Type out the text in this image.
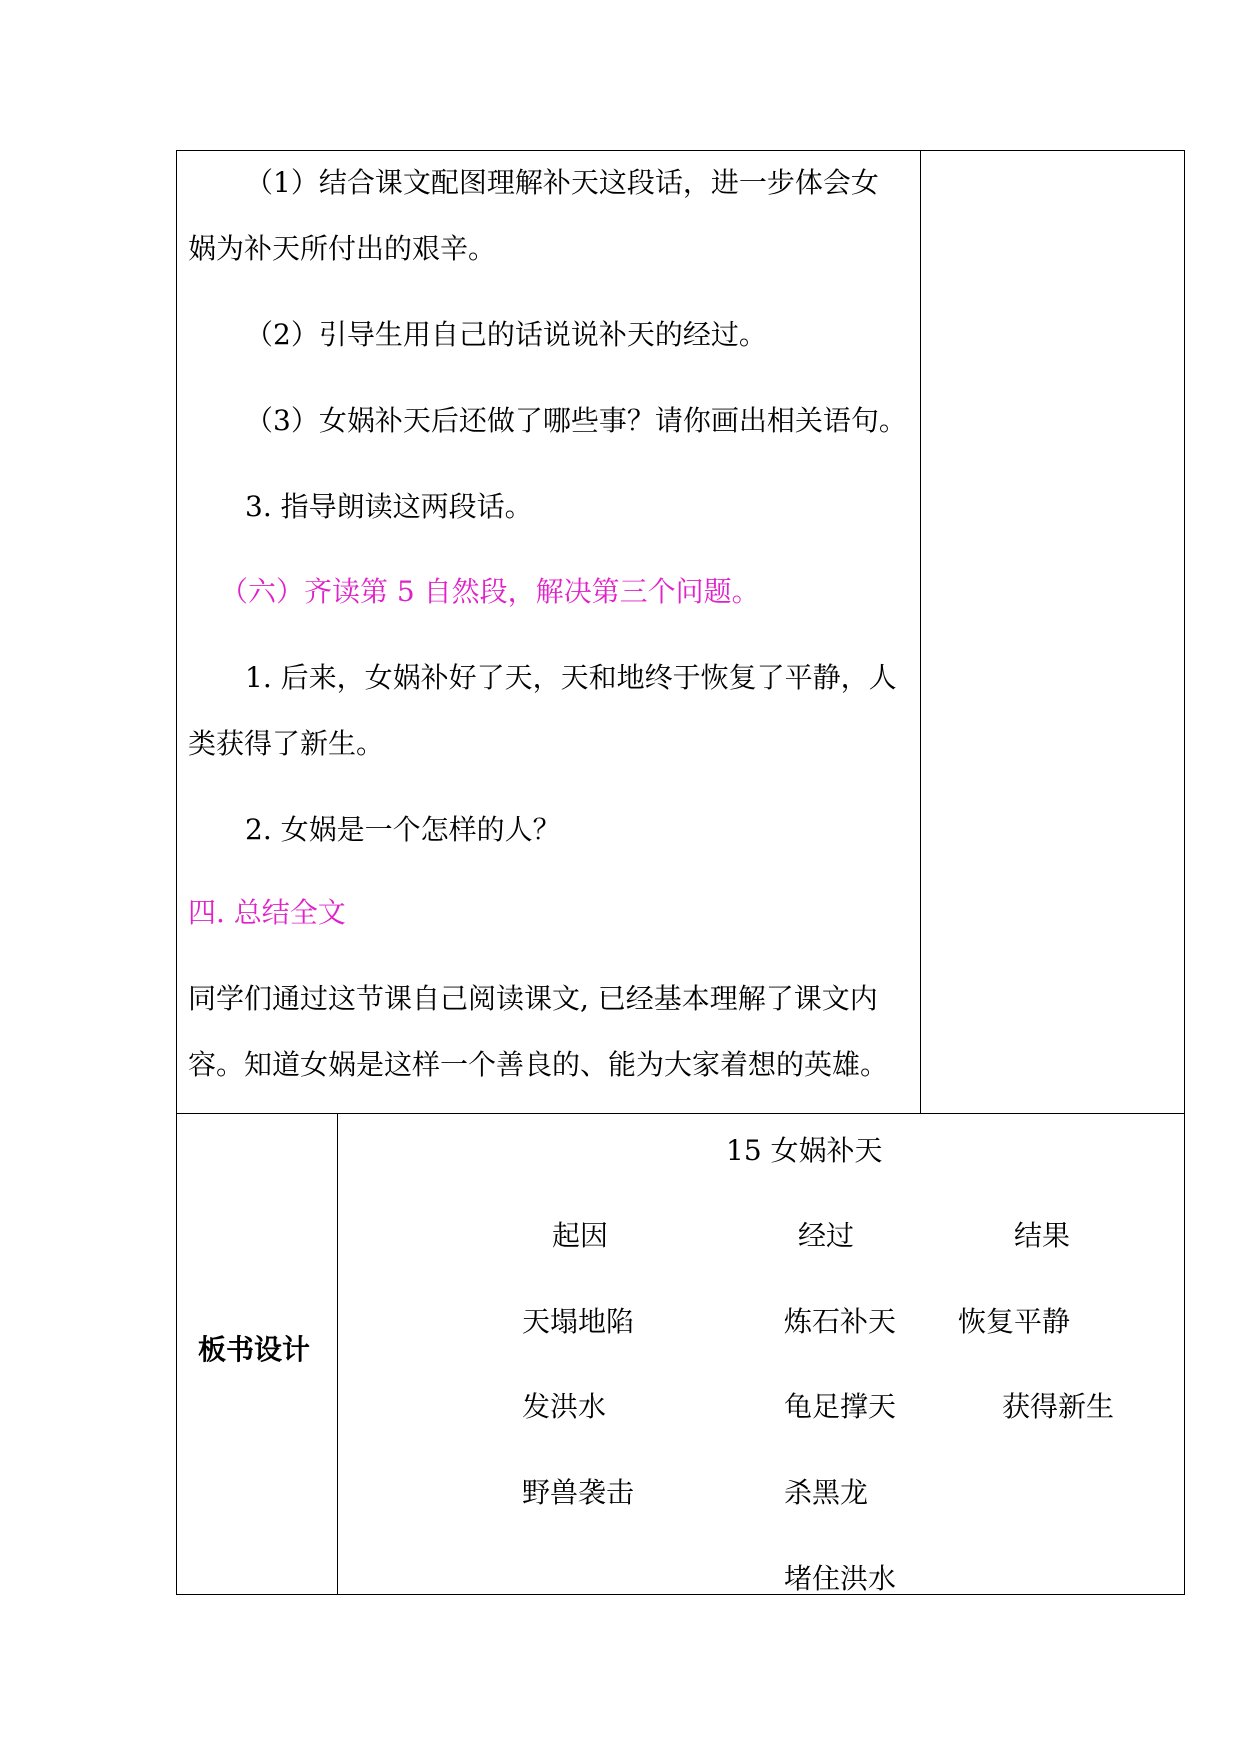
（1）结合课文配图理解补天这段话，进一步体会女
娲为补天所付出的艰辛。
（2）引导生用自己的话说说补天的经过。
（3）女娲补天后还做了哪些事？请你画出相关语句。
3. 指导朗读这两段话。
（六）齐读第 5 自然段，解决第三个问题。
1. 后来，女娲补好了天，天和地终于恢复了平静，人
类获得了新生。
2. 女娲是一个怎样的人？
四. 总结全文
同学们通过这节课自己阅读课文, 已经基本理解了课文内
容。知道女娲是这样一个善良的、能为大家着想的英雄。
板书设计
15 女娲补天
起因	经过	结果
天塌地陷
发洪水
野兽袭击
炼石补天
龟足撑天
杀黑龙
堵住洪水
恢复平静
获得新生
